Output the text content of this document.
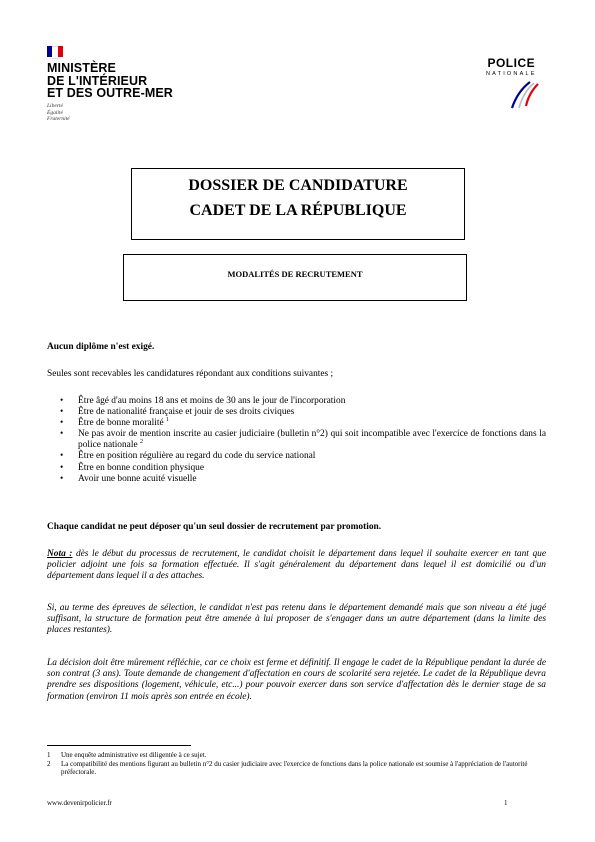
MINISTÈRE
DE L'INTÉRIEUR
ET DES OUTRE-MER
Liberté
Égalité
Fraternité
POLICE
NATIONALE
DOSSIER DE CANDIDATURE
CADET DE LA RÉPUBLIQUE
MODALITÉS DE RECRUTEMENT
Aucun diplôme n'est exigé.
Seules sont recevables les candidatures répondant aux conditions suivantes ;
•	Être âgé d'au moins 18 ans et moins de 30 ans le jour de l'incorporation
•	Être de nationalité française et jouir de ses droits civiques
•	Être de bonne moralité $^1$
•	Ne pas avoir de mention inscrite au casier judiciaire (bulletin n°2) qui soit incompatible avec l'exercice de fonctions dans la police nationale $^2$
•	Être en position régulière au regard du code du service national
•	Être en bonne condition physique
•	Avoir une bonne acuité visuelle
Chaque candidat ne peut déposer qu'un seul dossier de recrutement par promotion.
Nota : dès le début du processus de recrutement, le candidat choisit le département dans lequel il souhaite exercer en tant que policier adjoint une fois sa formation effectuée. Il s'agit généralement du département dans lequel il est domicilié ou d'un département dans lequel il a des attaches.
Si, au terme des épreuves de sélection, le candidat n'est pas retenu dans le département demandé mais que son niveau a été jugé suffisant, la structure de formation peut être amenée à lui proposer de s'engager dans un autre département (dans la limite des places restantes).
La décision doit être mûrement réfléchie, car ce choix est ferme et définitif. Il engage le cadet de la République pendant la durée de son contrat (3 ans). Toute demande de changement d'affectation en cours de scolarité sera rejetée. Le cadet de la République devra prendre ses dispositions (logement, véhicule, etc...) pour pouvoir exercer dans son service d'affectation dès le dernier stage de sa formation (environ 11 mois après son entrée en école).
1	Une enquête administrative est diligentée à ce sujet.
2	La compatibilité des mentions figurant au bulletin n°2 du casier judiciaire avec l'exercice de fonctions dans la police nationale est soumise à l'appréciation de l'autorité préfectorale.
www.devenirpolicier.fr	1
